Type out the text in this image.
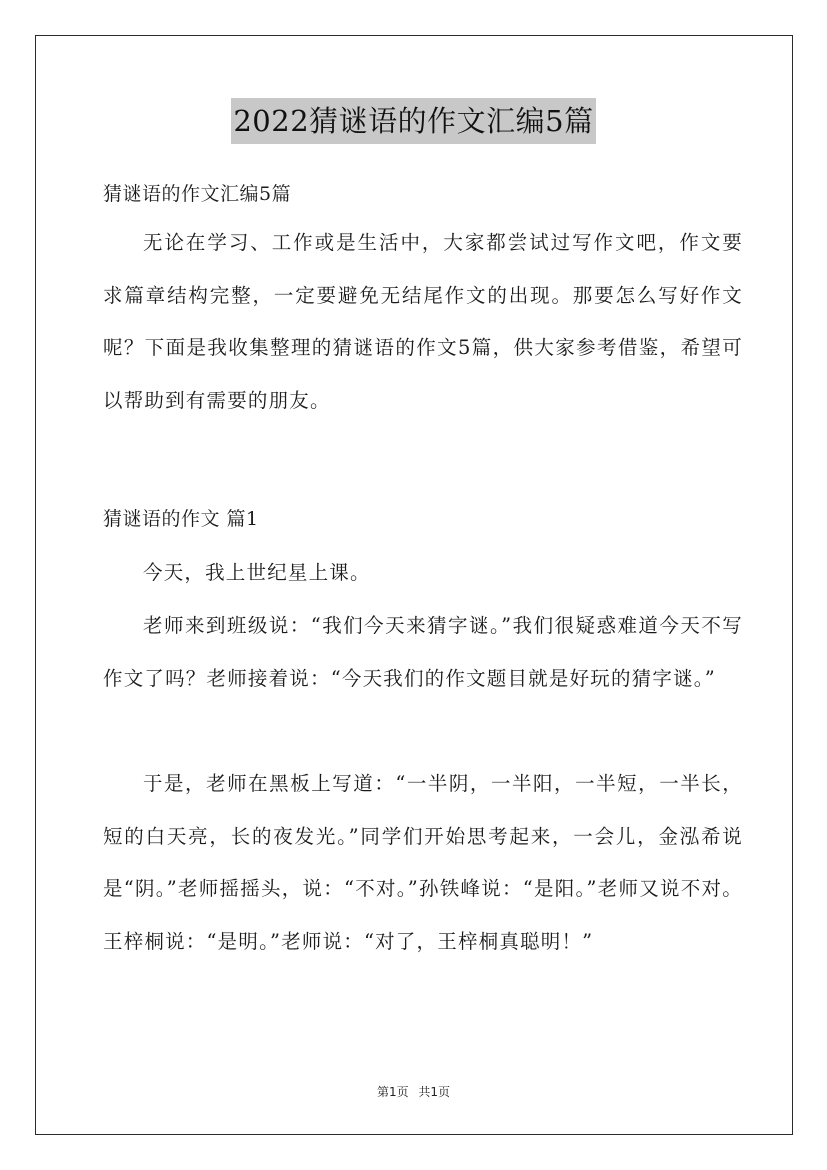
2022猜谜语的作文汇编5篇
猜谜语的作文汇编5篇

无论在学习、工作或是生活中，大家都尝试过写作文吧，作文要求篇章结构完整，一定要避免无结尾作文的出现。那要怎么写好作文呢？下面是我收集整理的猜谜语的作文5篇，供大家参考借鉴，希望可以帮助到有需要的朋友。

猜谜语的作文 篇1

今天，我上世纪星上课。

老师来到班级说：“我们今天来猜字谜。”我们很疑惑难道今天不写作文了吗？老师接着说：“今天我们的作文题目就是好玩的猜字谜。”

于是，老师在黑板上写道：“一半阴，一半阳，一半短，一半长，短的白天亮，长的夜发光。”同学们开始思考起来，一会儿，金泓希说是“阴。”老师摇摇头，说：“不对。”孙铁峰说：“是阳。”老师又说不对。王梓桐说：“是明。”老师说：“对了，王梓桐真聪明！”

第1页 共1页
